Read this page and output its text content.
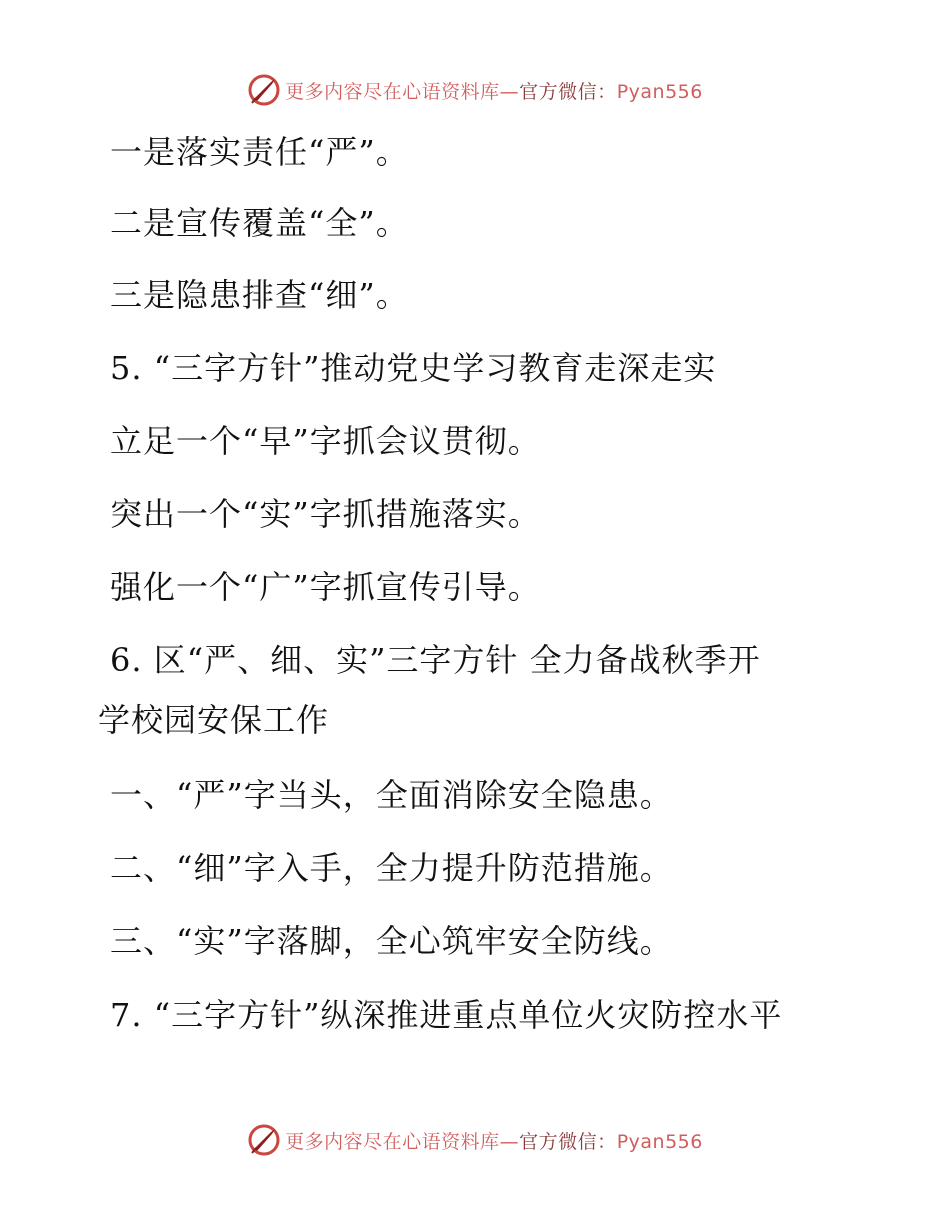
更多内容尽在心语资料库—官方微信：Pyan556
一是落实责任“严”。
二是宣传覆盖“全”。
三是隐患排查“细”。
5. “三字方针”推动党史学习教育走深走实
立足一个“早”字抓会议贯彻。
突出一个“实”字抓措施落实。
强化一个“广”字抓宣传引导。
6. 区“严、细、实”三字方针 全力备战秋季开
学校园安保工作
一、“严”字当头，全面消除安全隐患。
二、“细”字入手，全力提升防范措施。
三、“实”字落脚，全心筑牢安全防线。
7. “三字方针”纵深推进重点单位火灾防控水平
更多内容尽在心语资料库—官方微信：Pyan556
